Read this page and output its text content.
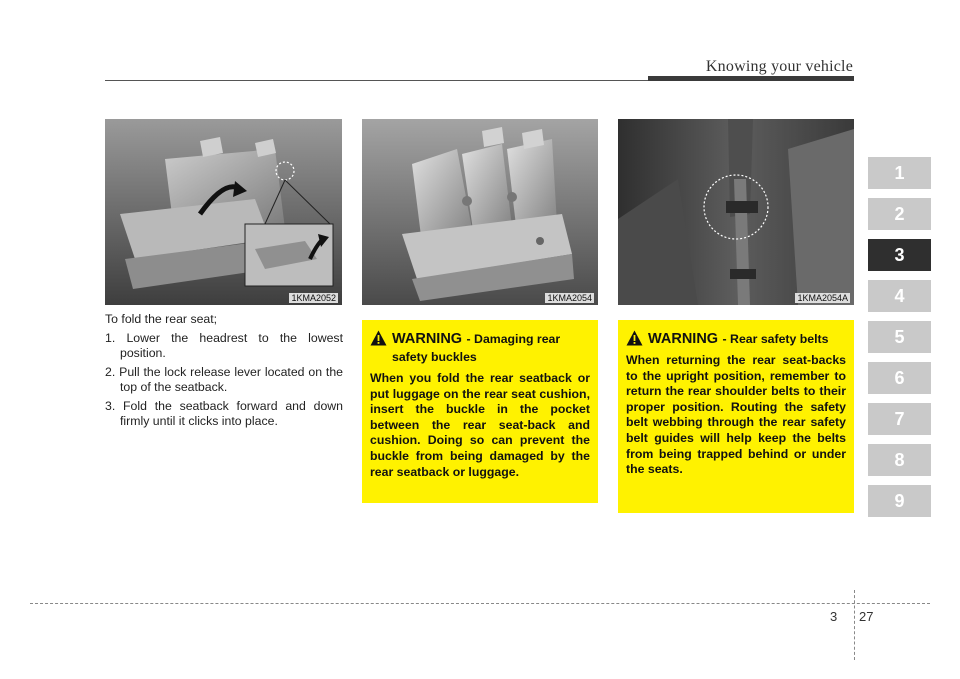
Knowing your vehicle
1
2
3
4
5
6
7
8
9
1KMA2052	1KMA2054	1KMA2054A
To fold the rear seat;
1. Lower the headrest to the lowest position.
2. Pull the lock release lever located on the top of the seatback.
3. Fold the seatback forward and down firmly until it clicks into place.
WARNING - Damaging rear safety buckles
When you fold the rear seatback or put luggage on the rear seat cushion, insert the buckle in the pocket between the rear seat-back and cushion. Doing so can prevent the buckle from being damaged by the rear seatback or luggage.
WARNING - Rear safety belts
When returning the rear seat-backs to the upright position, remember to return the rear shoulder belts to their proper position. Routing the safety belt webbing through the rear safety belt guides will help keep the belts from being trapped behind or under the seats.
3 27
